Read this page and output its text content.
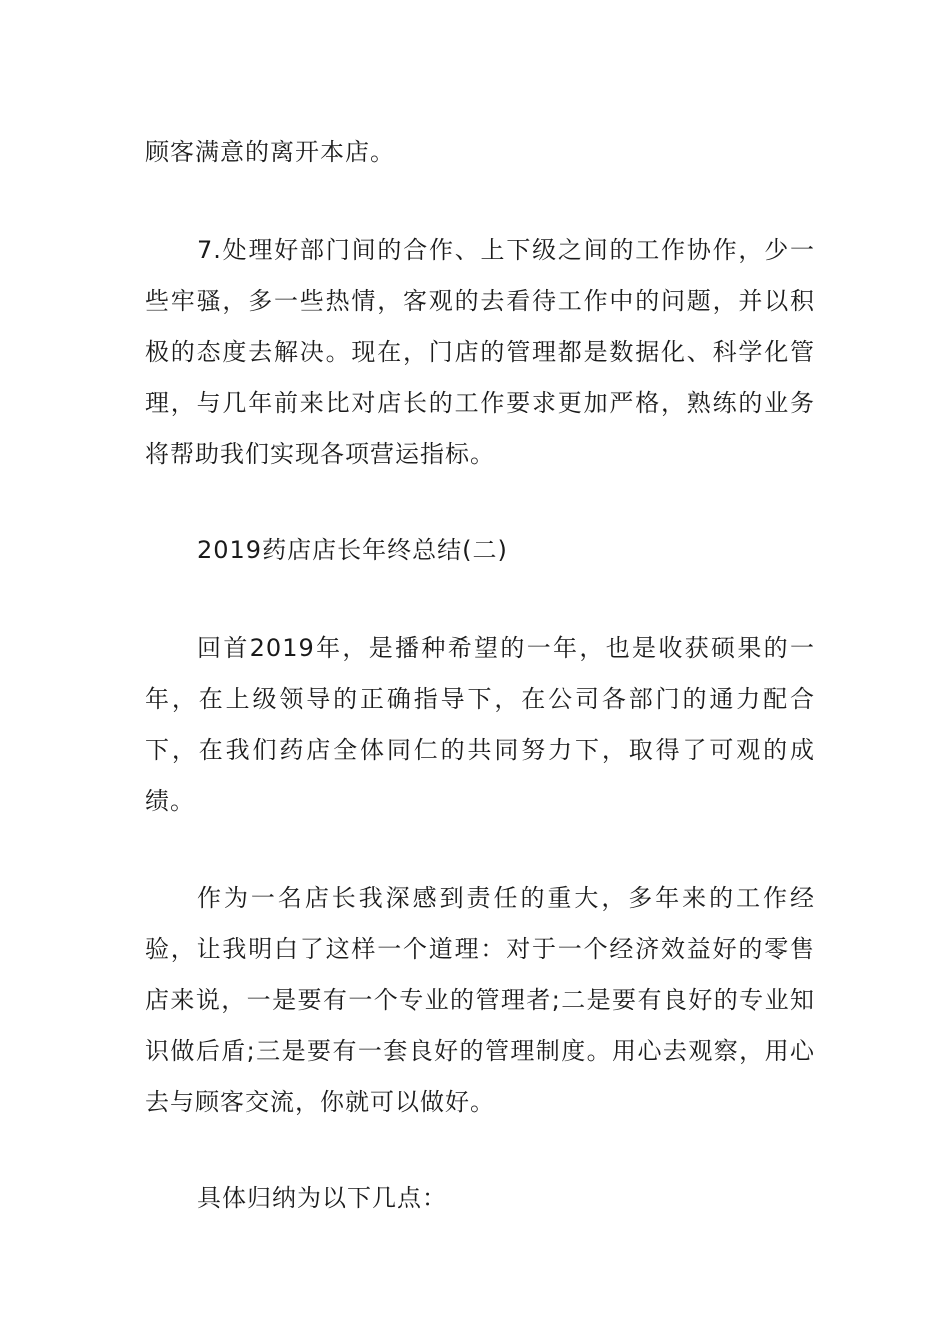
顾客满意的离开本店。

7.处理好部门间的合作、上下级之间的工作协作，少一些牢骚，多一些热情，客观的去看待工作中的问题，并以积极的态度去解决。现在，门店的管理都是数据化、科学化管理，与几年前来比对店长的工作要求更加严格，熟练的业务将帮助我们实现各项营运指标。

2019药店店长年终总结(二)

回首2019年，是播种希望的一年，也是收获硕果的一年，在上级领导的正确指导下，在公司各部门的通力配合下，在我们药店全体同仁的共同努力下，取得了可观的成绩。

作为一名店长我深感到责任的重大，多年来的工作经验，让我明白了这样一个道理：对于一个经济效益好的零售店来说，一是要有一个专业的管理者;二是要有良好的专业知识做后盾;三是要有一套良好的管理制度。用心去观察，用心去与顾客交流，你就可以做好。

具体归纳为以下几点：
